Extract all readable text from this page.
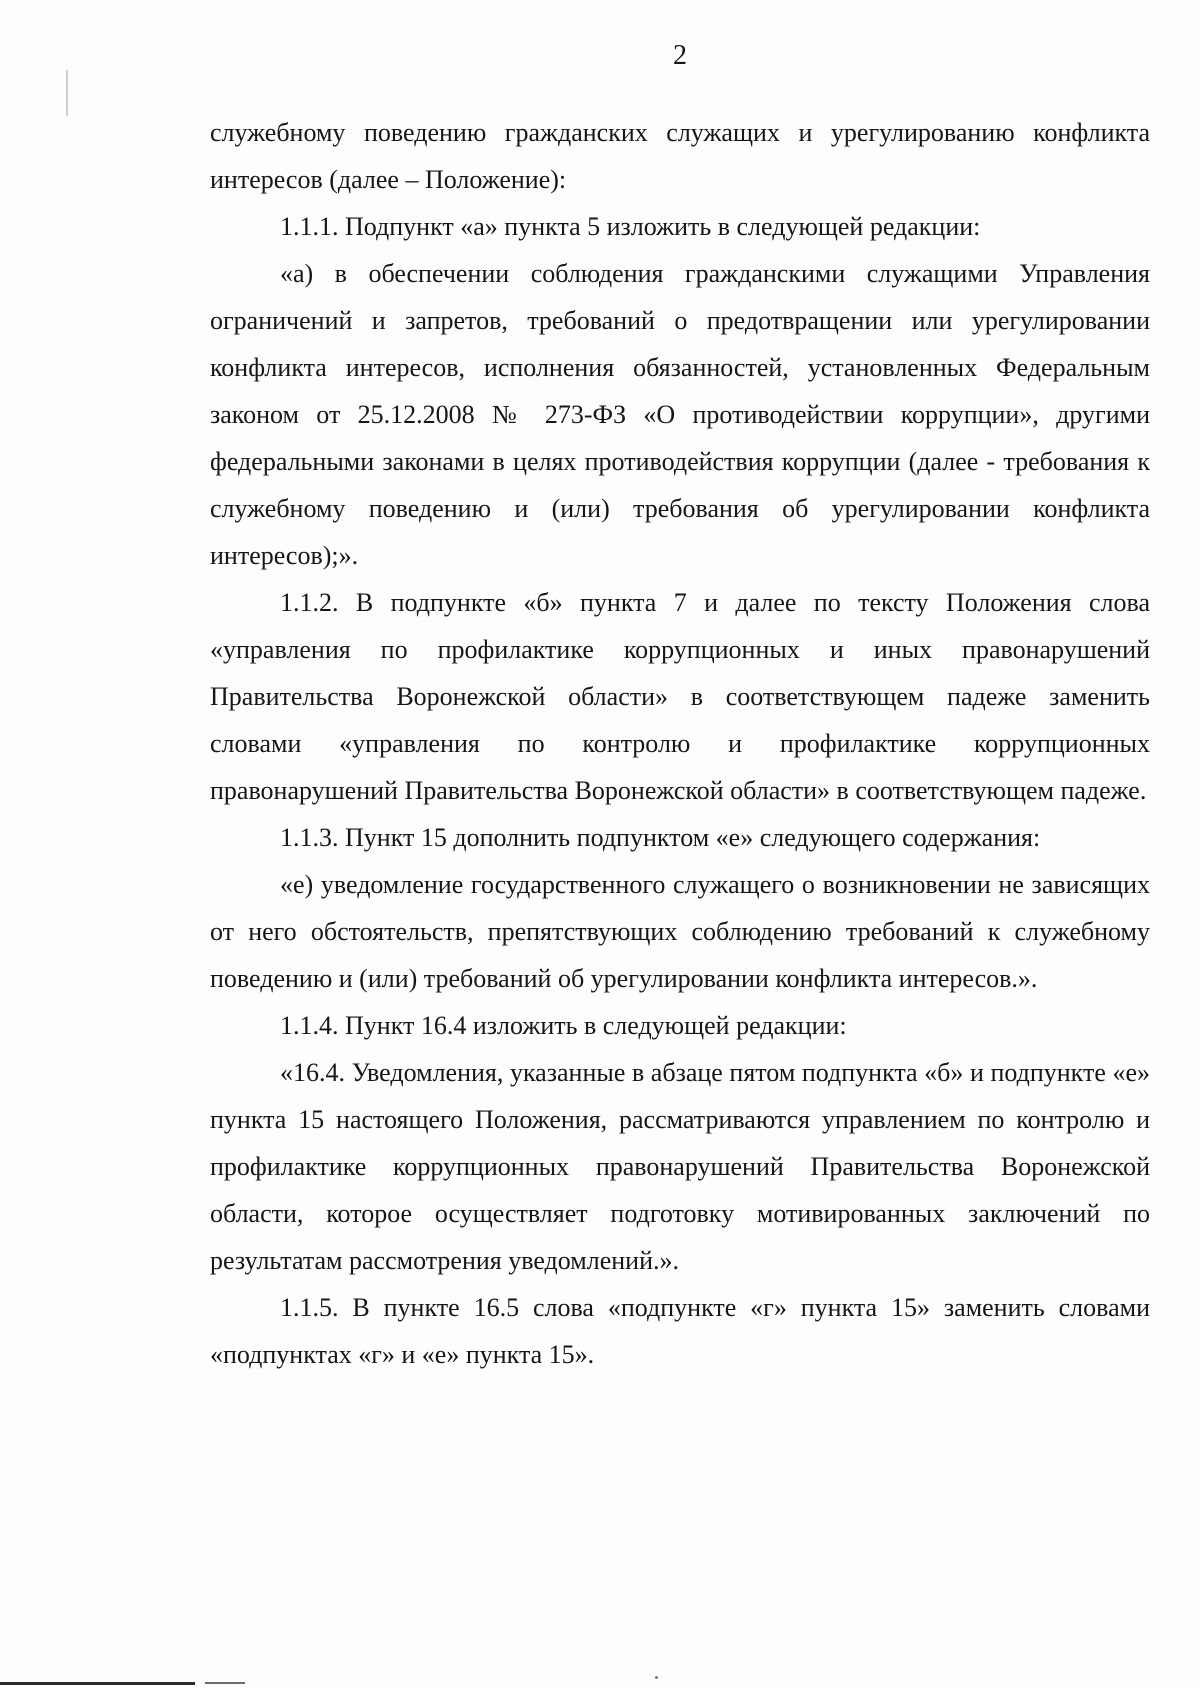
2

служебному поведению гражданских служащих и урегулированию конфликта интересов (далее – Положение):

1.1.1. Подпункт «а» пункта 5 изложить в следующей редакции:

«а) в обеспечении соблюдения гражданскими служащими Управления ограничений и запретов, требований о предотвращении или урегулировании конфликта интересов, исполнения обязанностей, установленных Федеральным законом от 25.12.2008 № 273-ФЗ «О противодействии коррупции», другими федеральными законами в целях противодействия коррупции (далее - требования к служебному поведению и (или) требования об урегулировании конфликта интересов);».

1.1.2. В подпункте «б» пункта 7 и далее по тексту Положения слова «управления по профилактике коррупционных и иных правонарушений Правительства Воронежской области» в соответствующем падеже заменить словами «управления по контролю и профилактике коррупционных правонарушений Правительства Воронежской области» в соответствующем падеже.

1.1.3. Пункт 15 дополнить подпунктом «е» следующего содержания:

«е) уведомление государственного служащего о возникновении не зависящих от него обстоятельств, препятствующих соблюдению требований к служебному поведению и (или) требований об урегулировании конфликта интересов.».

1.1.4. Пункт 16.4 изложить в следующей редакции:

«16.4. Уведомления, указанные в абзаце пятом подпункта «б» и подпункте «е» пункта 15 настоящего Положения, рассматриваются управлением по контролю и профилактике коррупционных правонарушений Правительства Воронежской области, которое осуществляет подготовку мотивированных заключений по результатам рассмотрения уведомлений.».

1.1.5. В пункте 16.5 слова «подпункте «г» пункта 15» заменить словами «подпунктах «г» и «е» пункта 15».
